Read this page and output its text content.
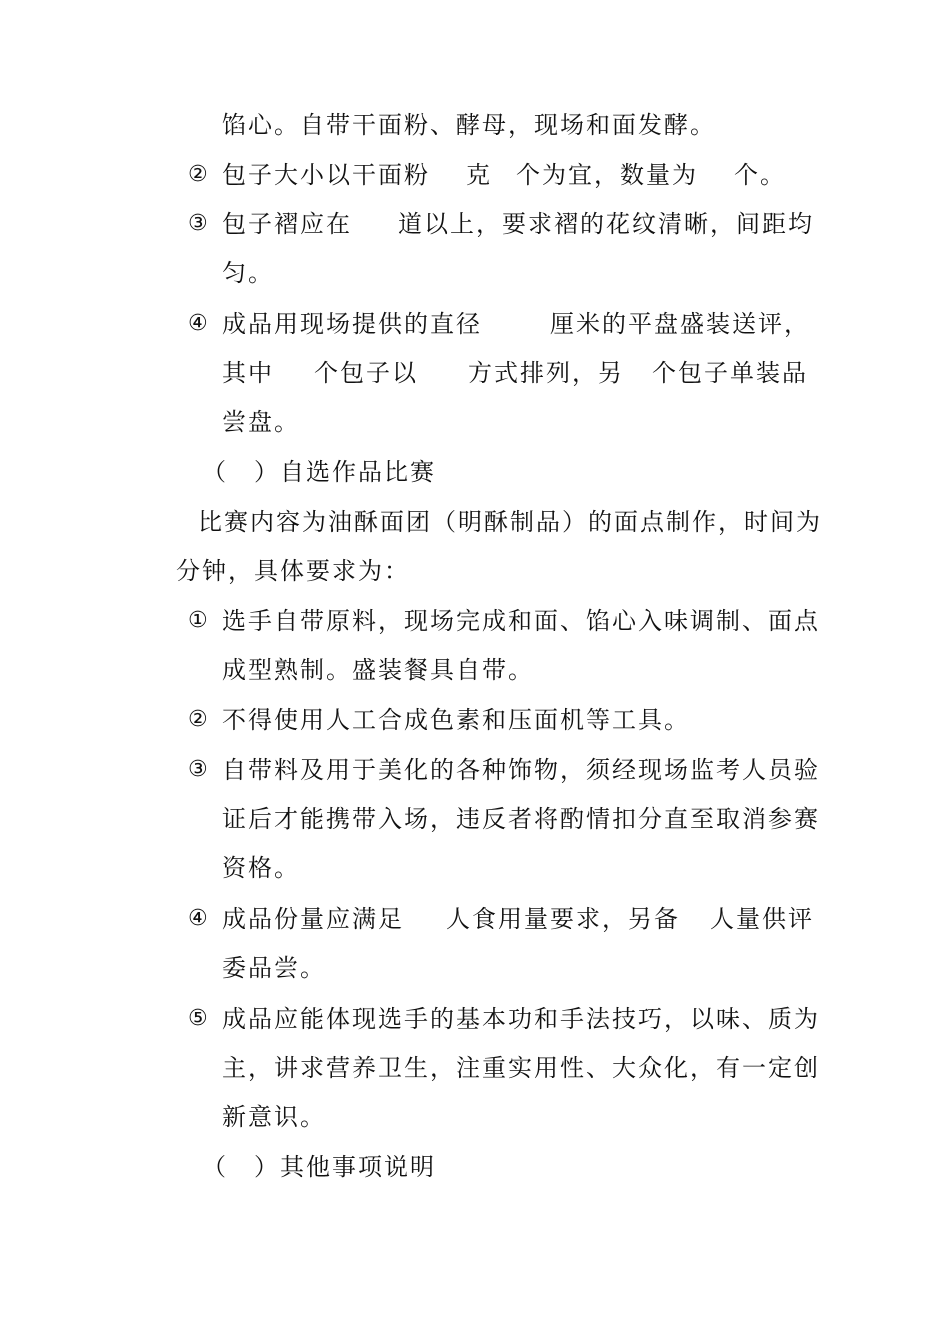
馅心。自带干面粉、酵母，现场和面发酵。
② 包子大小以干面粉 克 个为宜，数量为 个。
③ 包子褶应在 道以上，要求褶的花纹清晰，间距均
匀。
④ 成品用现场提供的直径	厘米的平盘盛装送评，
其中 个包子以 方式排列，另 个包子单装品
尝盘。
（　）自选作品比赛
比赛内容为油酥面团（明酥制品）的面点制作，时间为
分钟，具体要求为：
① 选手自带原料，现场完成和面、馅心入味调制、面点
成型熟制。盛装餐具自带。
② 不得使用人工合成色素和压面机等工具。
③ 自带料及用于美化的各种饰物，须经现场监考人员验
证后才能携带入场，违反者将酌情扣分直至取消参赛
资格。
④ 成品份量应满足 人食用量要求，另备 人量供评
委品尝。
⑤ 成品应能体现选手的基本功和手法技巧，以味、质为
主，讲求营养卫生，注重实用性、大众化，有一定创
新意识。
（　）其他事项说明
